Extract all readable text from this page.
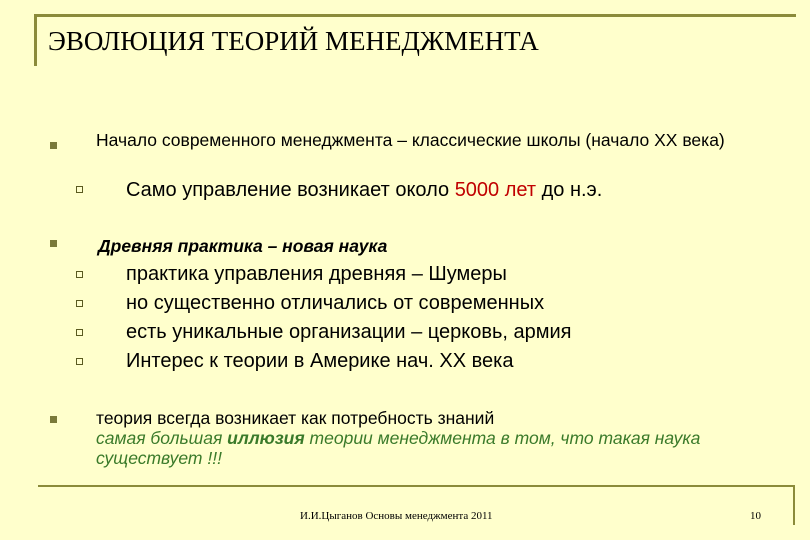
ЭВОЛЮЦИЯ ТЕОРИЙ МЕНЕДЖМЕНТА
Начало современного менеджмента – классические школы (начало XX века)
Само управление возникает около 5000 лет до н.э.
Древняя практика – новая наука
практика управления древняя – Шумеры
но существенно отличались от современных
есть уникальные организации – церковь, армия
Интерес к теории в Америке нач. XX века
теория всегда возникает как потребность знаний
самая большая иллюзия теории менеджмента в том, что такая наука существует !!!
И.И.Цыганов Основы менеджмента 2011	10
